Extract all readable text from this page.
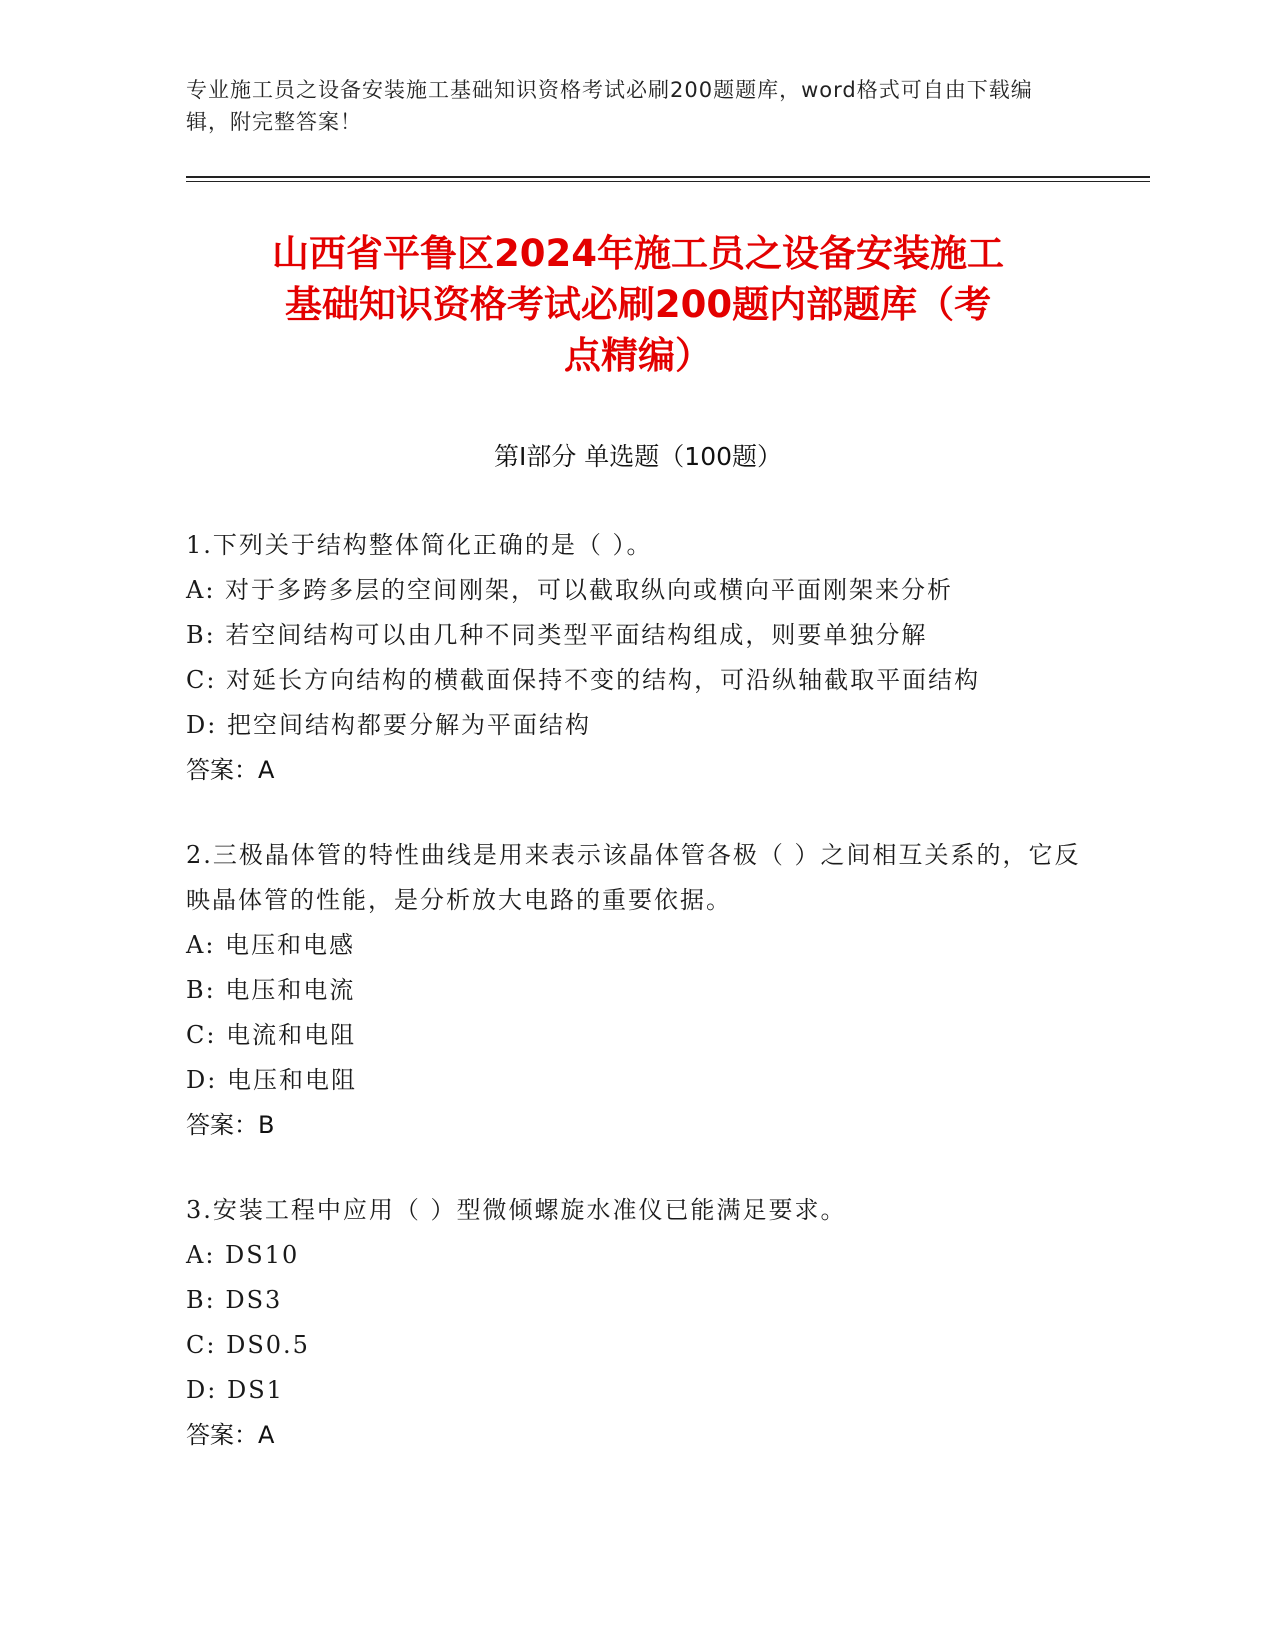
专业施工员之设备安装施工基础知识资格考试必刷200题题库，word格式可自由下载编辑，附完整答案！
山西省平鲁区2024年施工员之设备安装施工
基础知识资格考试必刷200题内部题库（考
点精编）
第I部分 单选题（100题）
1.下列关于结构整体简化正确的是（ ）。
A: 对于多跨多层的空间刚架，可以截取纵向或横向平面刚架来分析
B: 若空间结构可以由几种不同类型平面结构组成，则要单独分解
C: 对延长方向结构的横截面保持不变的结构，可沿纵轴截取平面结构
D: 把空间结构都要分解为平面结构
答案：A
2.三极晶体管的特性曲线是用来表示该晶体管各极（ ）之间相互关系的，它反映晶体管的性能，是分析放大电路的重要依据。
A: 电压和电感
B: 电压和电流
C: 电流和电阻
D: 电压和电阻
答案：B
3.安装工程中应用（ ）型微倾螺旋水准仪已能满足要求。
A: DS10
B: DS3
C: DS0.5
D: DS1
答案：A
